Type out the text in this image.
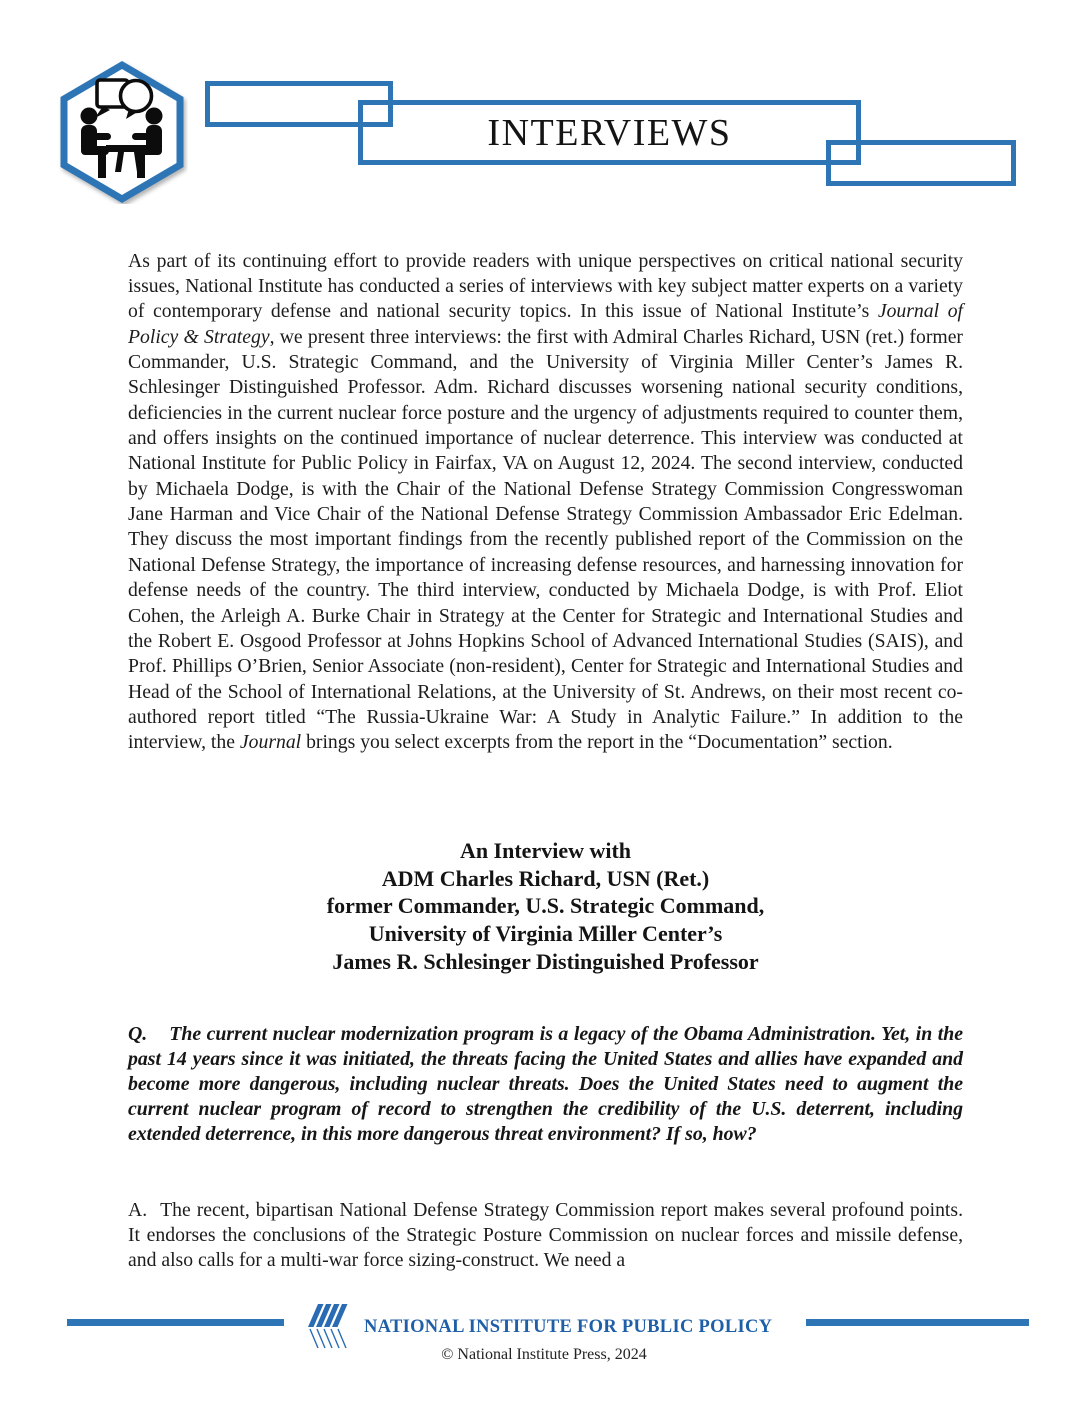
INTERVIEWS

As part of its continuing effort to provide readers with unique perspectives on critical national security issues, National Institute has conducted a series of interviews with key subject matter experts on a variety of contemporary defense and national security topics. In this issue of National Institute’s Journal of Policy & Strategy, we present three interviews: the first with Admiral Charles Richard, USN (ret.) former Commander, U.S. Strategic Command, and the University of Virginia Miller Center’s James R. Schlesinger Distinguished Professor. Adm. Richard discusses worsening national security conditions, deficiencies in the current nuclear force posture and the urgency of adjustments required to counter them, and offers insights on the continued importance of nuclear deterrence. This interview was conducted at National Institute for Public Policy in Fairfax, VA on August 12, 2024. The second interview, conducted by Michaela Dodge, is with the Chair of the National Defense Strategy Commission Congresswoman Jane Harman and Vice Chair of the National Defense Strategy Commission Ambassador Eric Edelman. They discuss the most important findings from the recently published report of the Commission on the National Defense Strategy, the importance of increasing defense resources, and harnessing innovation for defense needs of the country. The third interview, conducted by Michaela Dodge, is with Prof. Eliot Cohen, the Arleigh A. Burke Chair in Strategy at the Center for Strategic and International Studies and the Robert E. Osgood Professor at Johns Hopkins School of Advanced International Studies (SAIS), and Prof. Phillips O’Brien, Senior Associate (non-resident), Center for Strategic and International Studies and Head of the School of International Relations, at the University of St. Andrews, on their most recent co-authored report titled “The Russia-Ukraine War: A Study in Analytic Failure.” In addition to the interview, the Journal brings you select excerpts from the report in the “Documentation” section.

An Interview with
ADM Charles Richard, USN (Ret.)
former Commander, U.S. Strategic Command,
University of Virginia Miller Center’s
James R. Schlesinger Distinguished Professor

Q. The current nuclear modernization program is a legacy of the Obama Administration. Yet, in the past 14 years since it was initiated, the threats facing the United States and allies have expanded and become more dangerous, including nuclear threats. Does the United States need to augment the current nuclear program of record to strengthen the credibility of the U.S. deterrent, including extended deterrence, in this more dangerous threat environment? If so, how?

A. The recent, bipartisan National Defense Strategy Commission report makes several profound points. It endorses the conclusions of the Strategic Posture Commission on nuclear forces and missile defense, and also calls for a multi-war force sizing-construct. We need a

NATIONAL INSTITUTE FOR PUBLIC POLICY
© National Institute Press, 2024
